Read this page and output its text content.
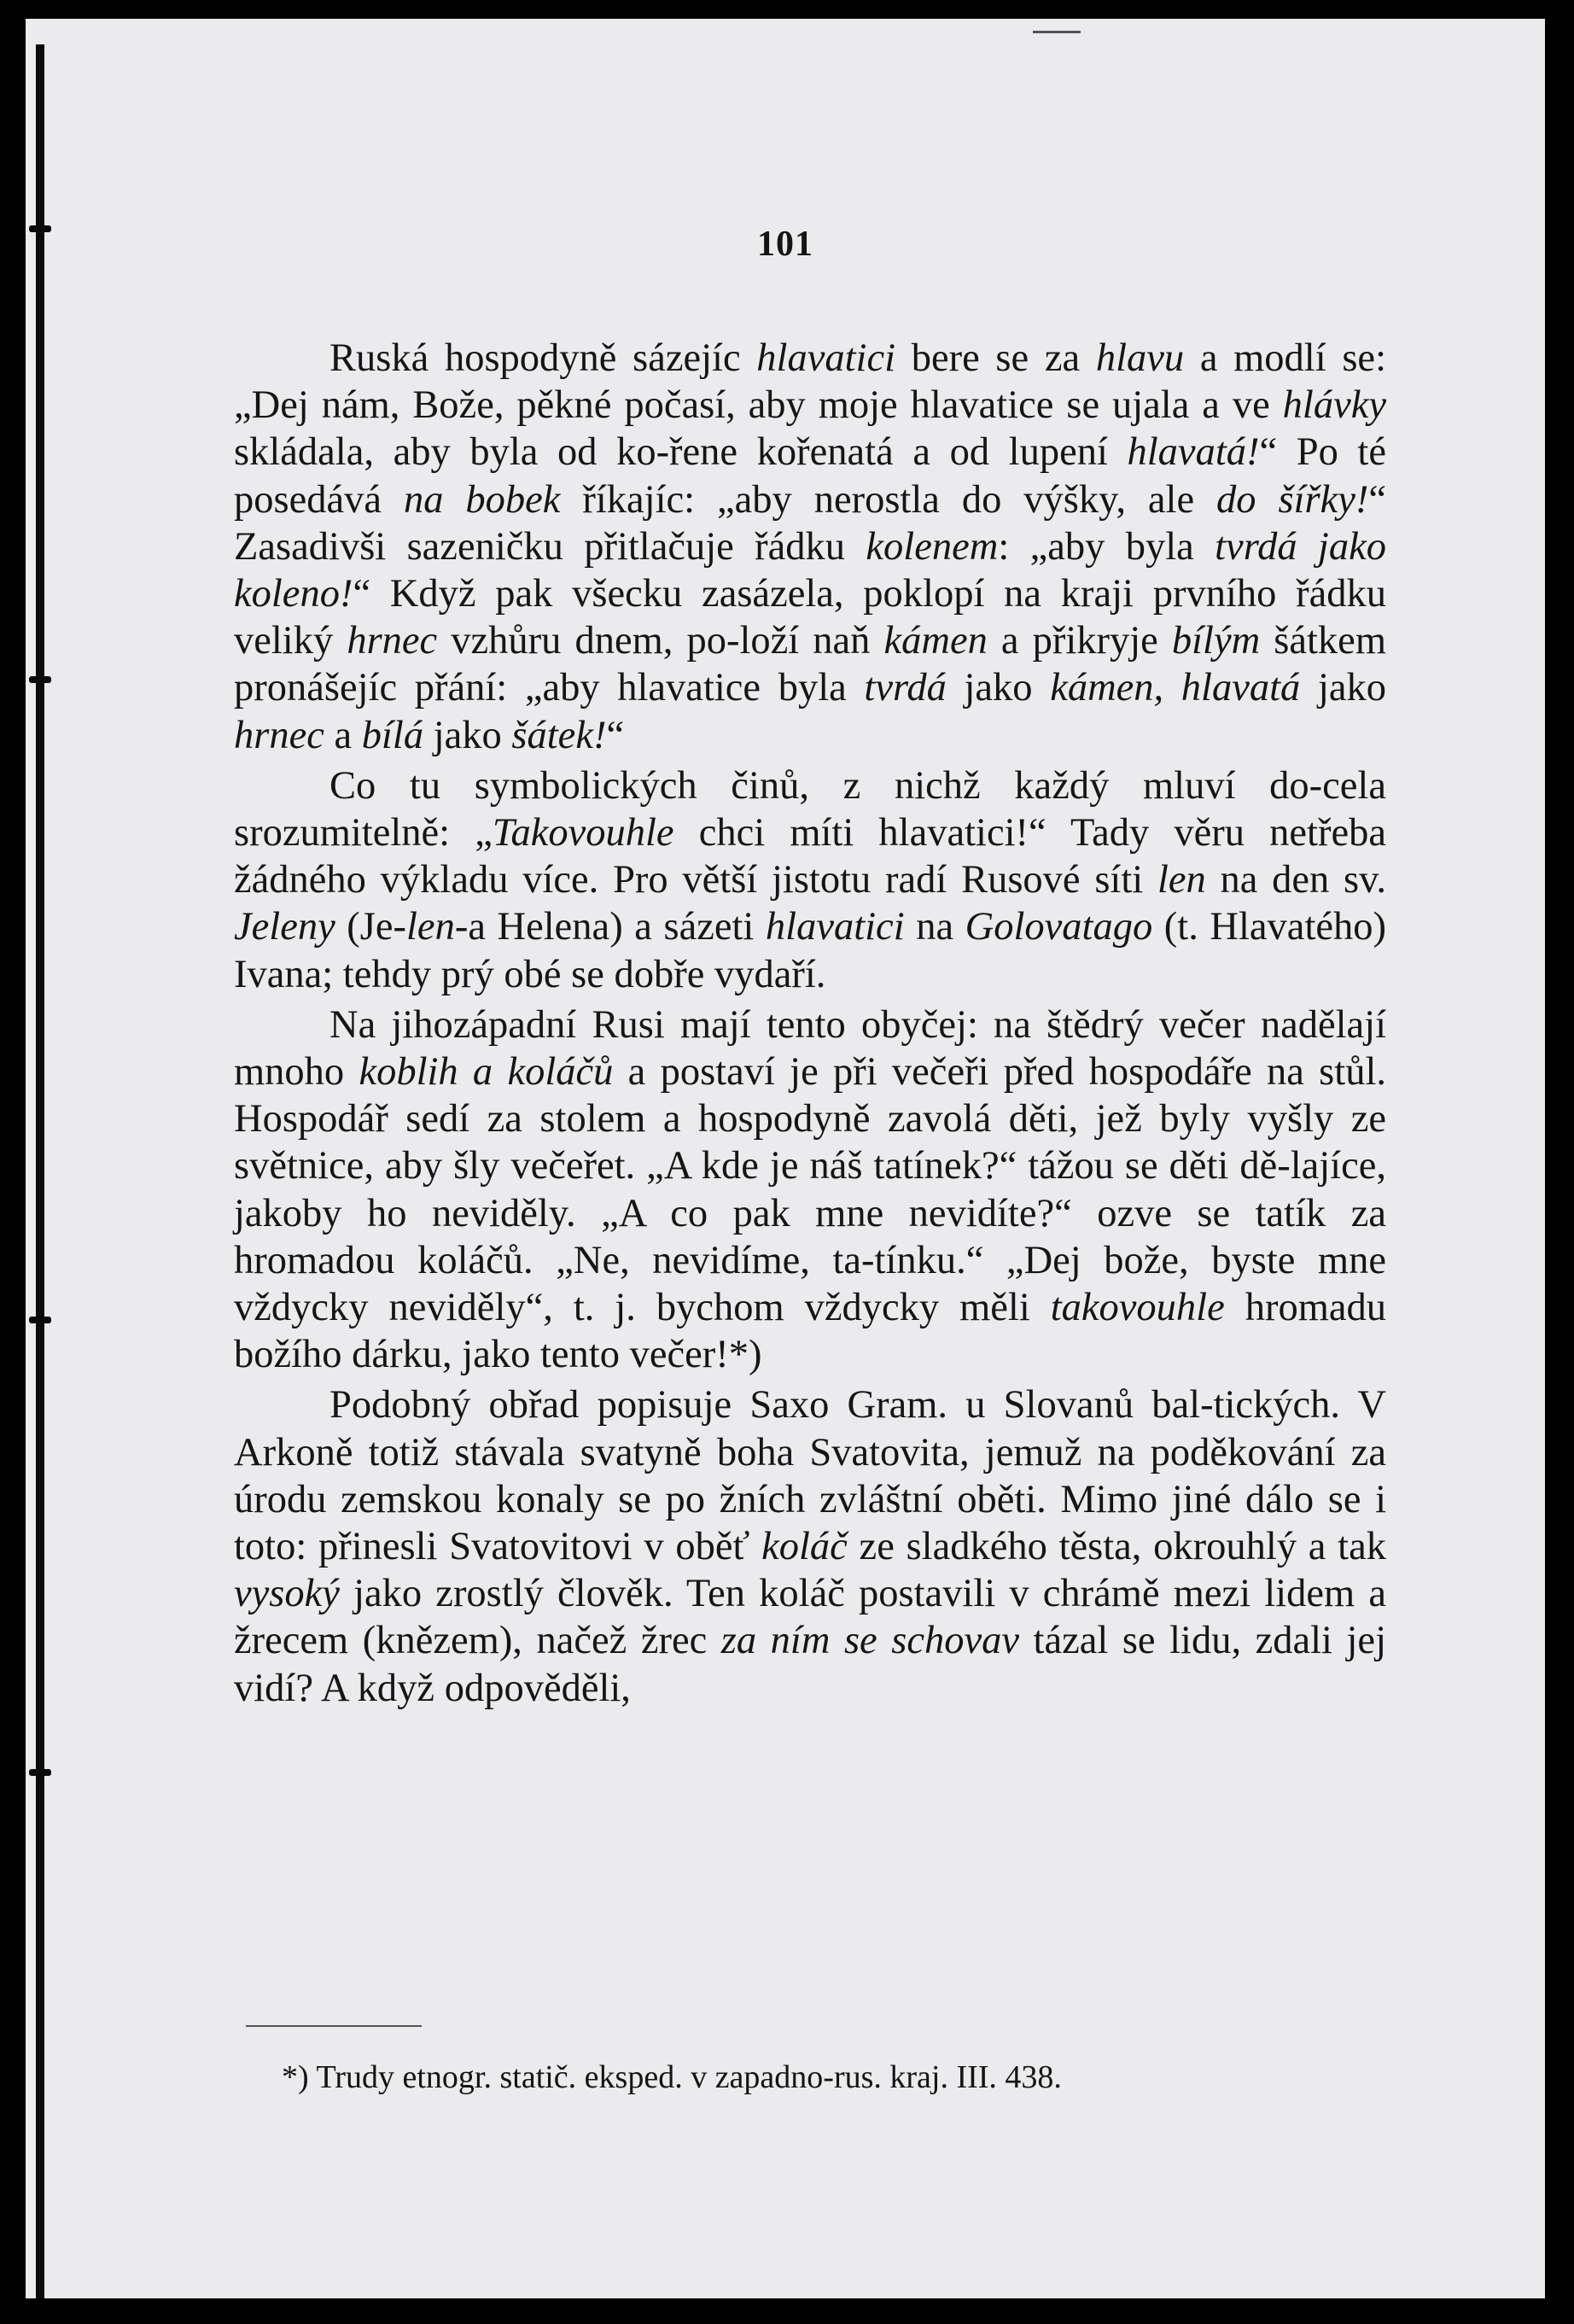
101

Ruská hospodyně sázejíc hlavatici bere se za hlavu a modlí se: „Dej nám, Bože, pěkné počasí, aby moje hlavatice se ujala a ve hlávky skládala, aby byla od ko-řene kořenatá a od lupení hlavatá!“ Po té posedává na bobek říkajíc: „aby nerostla do výšky, ale do šířky!“ Zasadivši sazeničku přitlačuje řádku kolenem: „aby byla tvrdá jako koleno!“ Když pak všecku zasázela, poklopí na kraji prvního řádku veliký hrnec vzhůru dnem, po-loží naň kámen a přikryje bílým šátkem pronášejíc přání: „aby hlavatice byla tvrdá jako kámen, hlavatá jako hrnec a bílá jako šátek!“

Co tu symbolických činů, z nichž každý mluví do-cela srozumitelně: „Takovouhle chci míti hlavatici!“ Tady věru netřeba žádného výkladu více. Pro větší jistotu radí Rusové síti len na den sv. Jeleny (Je-len-a Helena) a sázeti hlavatici na Golovatago (t. Hlavatého) Ivana; tehdy prý obé se dobře vydaří.

Na jihozápadní Rusi mají tento obyčej: na štědrý večer nadělají mnoho koblih a koláčů a postaví je při večeři před hospodáře na stůl. Hospodář sedí za stolem a hospodyně zavolá děti, jež byly vyšly ze světnice, aby šly večeřet. „A kde je náš tatínek?“ tážou se děti dě-lajíce, jakoby ho neviděly. „A co pak mne nevidíte?“ ozve se tatík za hromadou koláčů. „Ne, nevidíme, ta-tínku.“ „Dej bože, byste mne vždycky neviděly“, t. j. bychom vždycky měli takovouhle hromadu božího dárku, jako tento večer!*)

Podobný obřad popisuje Saxo Gram. u Slovanů bal-tických. V Arkoně totiž stávala svatyně boha Svatovita, jemuž na poděkování za úrodu zemskou konaly se po žních zvláštní oběti. Mimo jiné dálo se i toto: přinesli Svatovitovi v oběť koláč ze sladkého těsta, okrouhlý a tak vysoký jako zrostlý člověk. Ten koláč postavili v chrámě mezi lidem a žrecem (knězem), načež žrec za ním se schovav tázal se lidu, zdali jej vidí? A když odpověděli,

*) Trudy etnogr. statič. eksped. v zapadno-rus. kraj. III. 438.
